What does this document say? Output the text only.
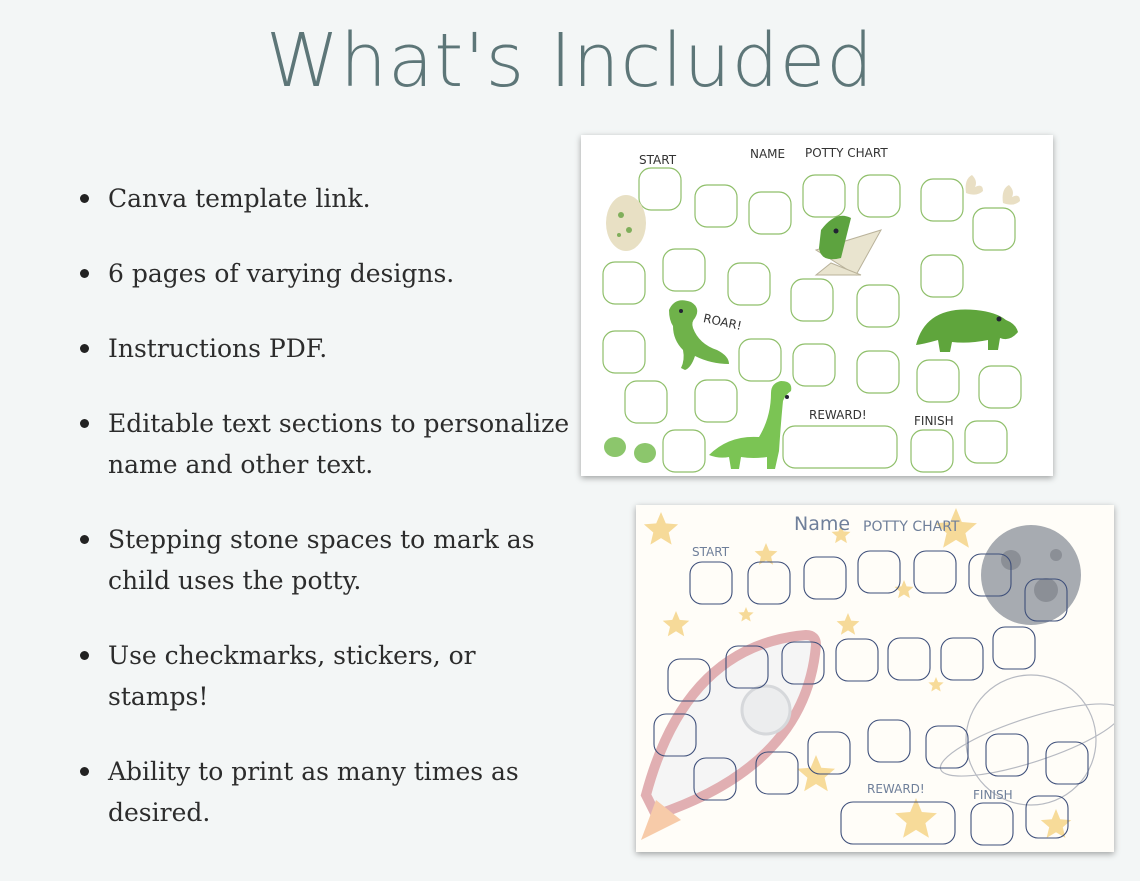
What's Included
Canva template link.
6 pages of varying designs.
Instructions PDF.
Editable text sections to personalize name and other text.
Stepping stone spaces to mark as child uses the potty.
Use checkmarks, stickers, or stamps!
Ability to print as many times as desired.
START	NAME POTTY CHART
ROAR!
REWARD!	FINISH
Name POTTY CHART
START
REWARD!	FINISH
